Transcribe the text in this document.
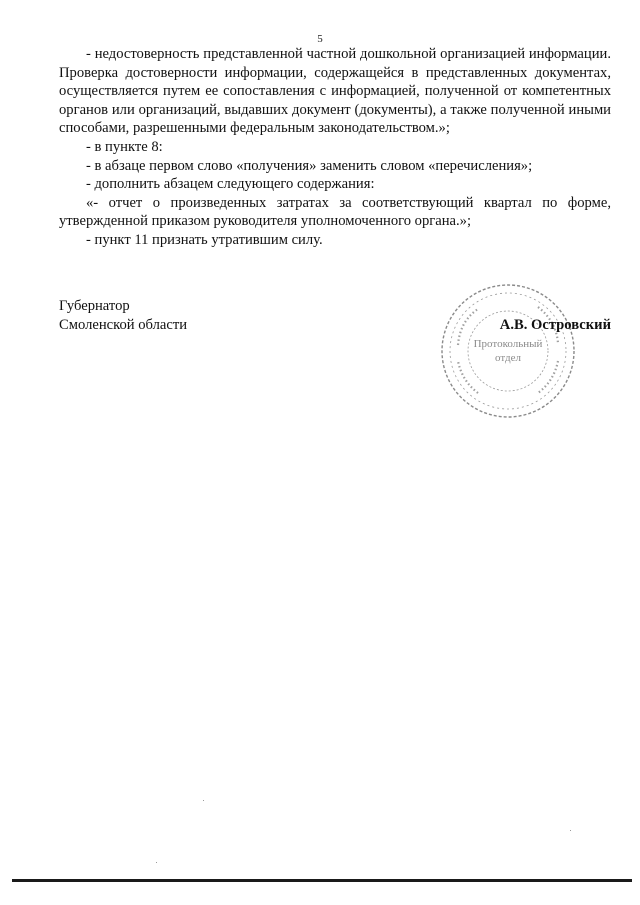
5

- недостоверность представленной частной дошкольной организацией информации. Проверка достоверности информации, содержащейся в представленных документах, осуществляется путем ее сопоставления с информацией, полученной от компетентных органов или организаций, выдавших документ (документы), а также полученной иными способами, разрешенными федеральным законодательством.»;

- в пункте 8:

- в абзаце первом слово «получения» заменить словом «перечисления»;

- дополнить абзацем следующего содержания:

«- отчет о произведенных затратах за соответствующий квартал по форме, утвержденной приказом руководителя уполномоченного органа.»;

- пункт 11 признать утратившим силу.

Губернатор
Смоленской области
Протокольный
отдел
А.В. Островский
